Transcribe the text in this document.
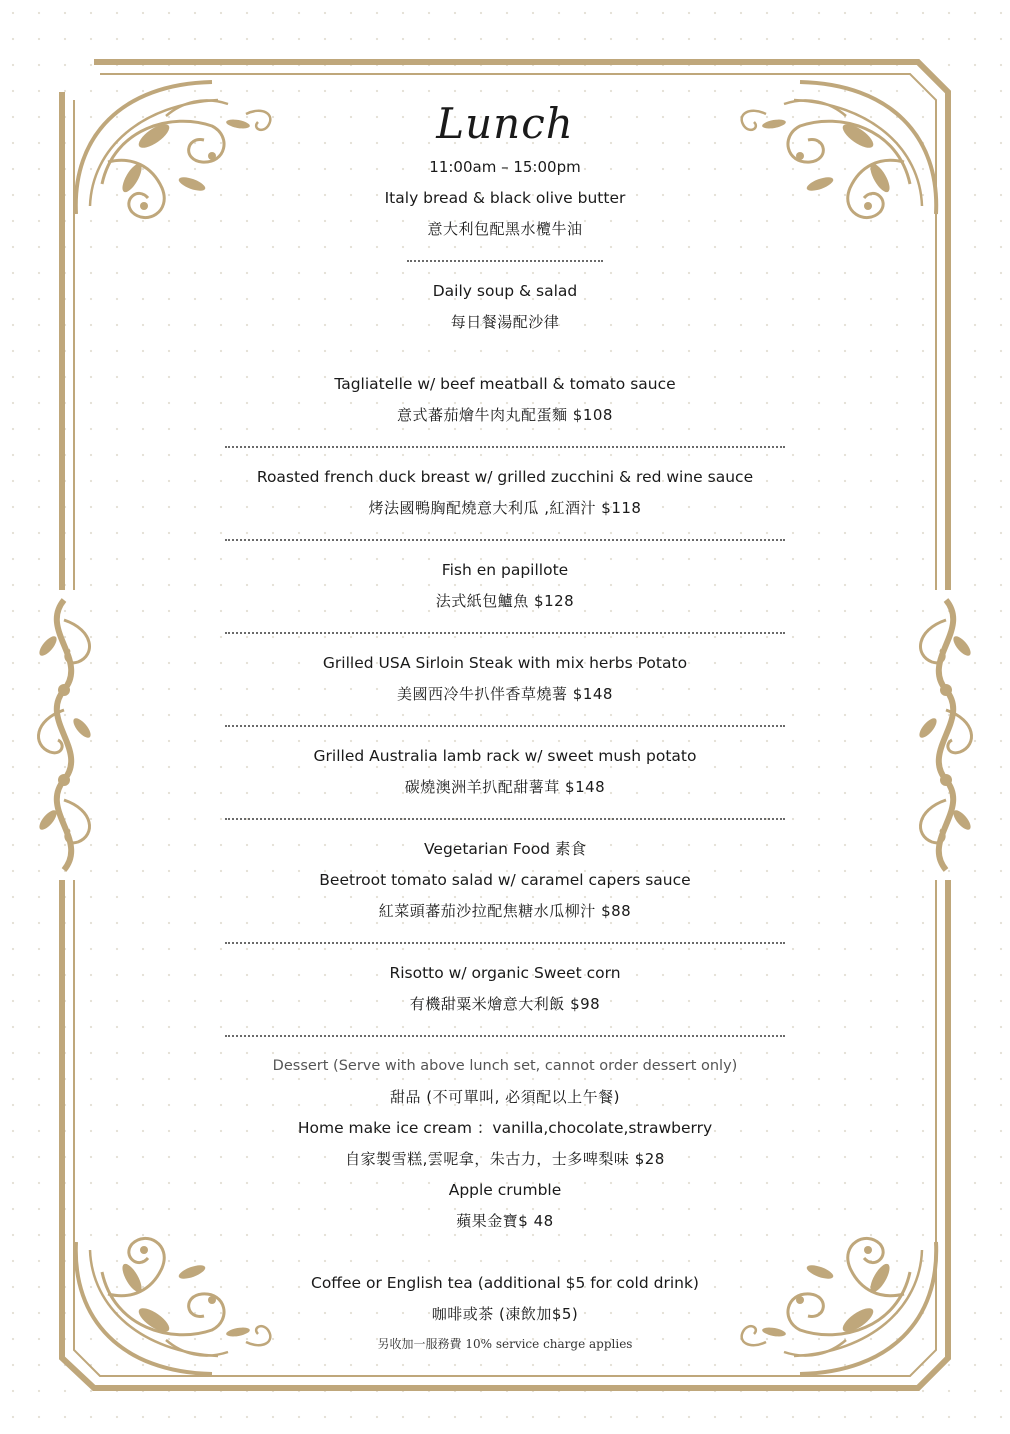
Lunch
11:00am – 15:00pm
Italy bread & black olive butter
意大利包配黑水欖牛油
Daily soup & salad
每日餐湯配沙律
Tagliatelle w/ beef meatball & tomato sauce
意式蕃茄燴牛肉丸配蛋麵 $108
Roasted french duck breast w/ grilled zucchini & red wine sauce
烤法國鴨胸配燒意大利瓜 ,紅酒汁 $118
Fish en papillote
法式紙包鱸魚 $128
Grilled USA Sirloin Steak with mix herbs Potato
美國西冷牛扒伴香草燒薯 $148
Grilled Australia lamb rack w/ sweet mush potato
碳燒澳洲羊扒配甜薯茸 $148
Vegetarian Food 素食
Beetroot tomato salad w/ caramel capers sauce
紅菜頭蕃茄沙拉配焦糖水瓜柳汁 $88
Risotto w/ organic Sweet corn
有機甜粟米燴意大利飯 $98
Dessert (Serve with above lunch set, cannot order dessert only)
甜品 (不可單叫, 必須配以上午餐)
Home make ice cream ：vanilla,chocolate,strawberry
自家製雪糕,雲呢拿，朱古力，士多啤梨味 $28
Apple crumble
蘋果金寶$ 48
Coffee or English tea (additional $5 for cold drink)
咖啡或茶 (凍飲加$5)
另收加一服務費 10% service charge applies
